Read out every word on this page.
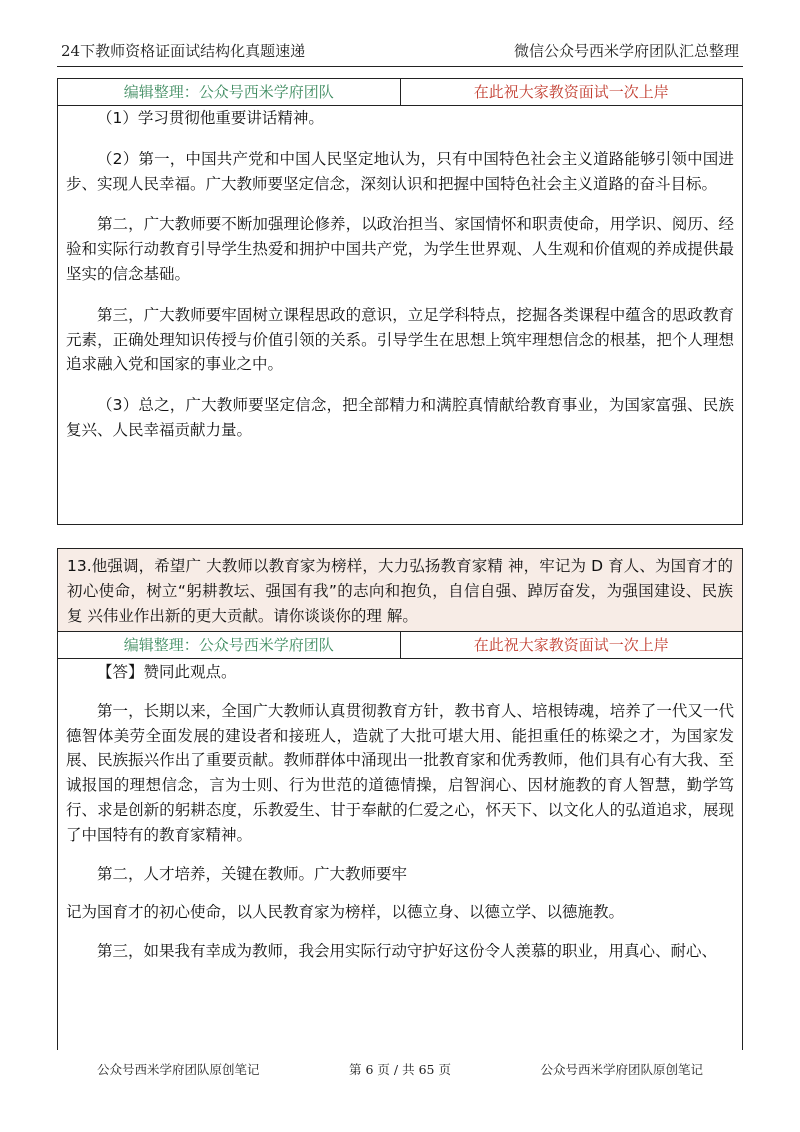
24下教师资格证面试结构化真题速递	微信公众号西米学府团队汇总整理
编辑整理：公众号西米学府团队	在此祝大家教资面试一次上岸

（1）学习贯彻他重要讲话精神。

（2）第一，中国共产党和中国人民坚定地认为，只有中国特色社会主义道路能够引领中国进步、实现人民幸福。广大教师要坚定信念，深刻认识和把握中国特色社会主义道路的奋斗目标。

第二，广大教师要不断加强理论修养，以政治担当、家国情怀和职责使命，用学识、阅历、经验和实际行动教育引导学生热爱和拥护中国共产党，为学生世界观、人生观和价值观的养成提供最坚实的信念基础。

第三，广大教师要牢固树立课程思政的意识，立足学科特点，挖掘各类课程中蕴含的思政教育元素，正确处理知识传授与价值引领的关系。引导学生在思想上筑牢理想信念的根基，把个人理想追求融入党和国家的事业之中。

（3）总之，广大教师要坚定信念，把全部精力和满腔真情献给教育事业，为国家富强、民族复兴、人民幸福贡献力量。

13.他强调，希望广 大教师以教育家为榜样，大力弘扬教育家精 神，牢记为 D 育人、为国育才的初心使命，树立“躬耕教坛、强国有我”的志向和抱负，自信自强、踔厉奋发，为强国建设、民族复 兴伟业作出新的更大贡献。请你谈谈你的理 解。
编辑整理：公众号西米学府团队	在此祝大家教资面试一次上岸

【答】赞同此观点。

第一，长期以来，全国广大教师认真贯彻教育方针，教书育人、培根铸魂，培养了一代又一代德智体美劳全面发展的建设者和接班人，造就了大批可堪大用、能担重任的栋梁之才，为国家发展、民族振兴作出了重要贡献。教师群体中涌现出一批教育家和优秀教师，他们具有心有大我、至诚报国的理想信念，言为士则、行为世范的道德情操，启智润心、因材施教的育人智慧，勤学笃行、求是创新的躬耕态度，乐教爱生、甘于奉献的仁爱之心，怀天下、以文化人的弘道追求，展现了中国特有的教育家精神。

第二，人才培养，关键在教师。广大教师要牢

记为国育才的初心使命，以人民教育家为榜样，以德立身、以德立学、以德施教。

第三，如果我有幸成为教师，我会用实际行动守护好这份令人羡慕的职业，用真心、耐心、

公众号西米学府团队原创笔记	第 6 页 / 共 65 页	公众号西米学府团队原创笔记
